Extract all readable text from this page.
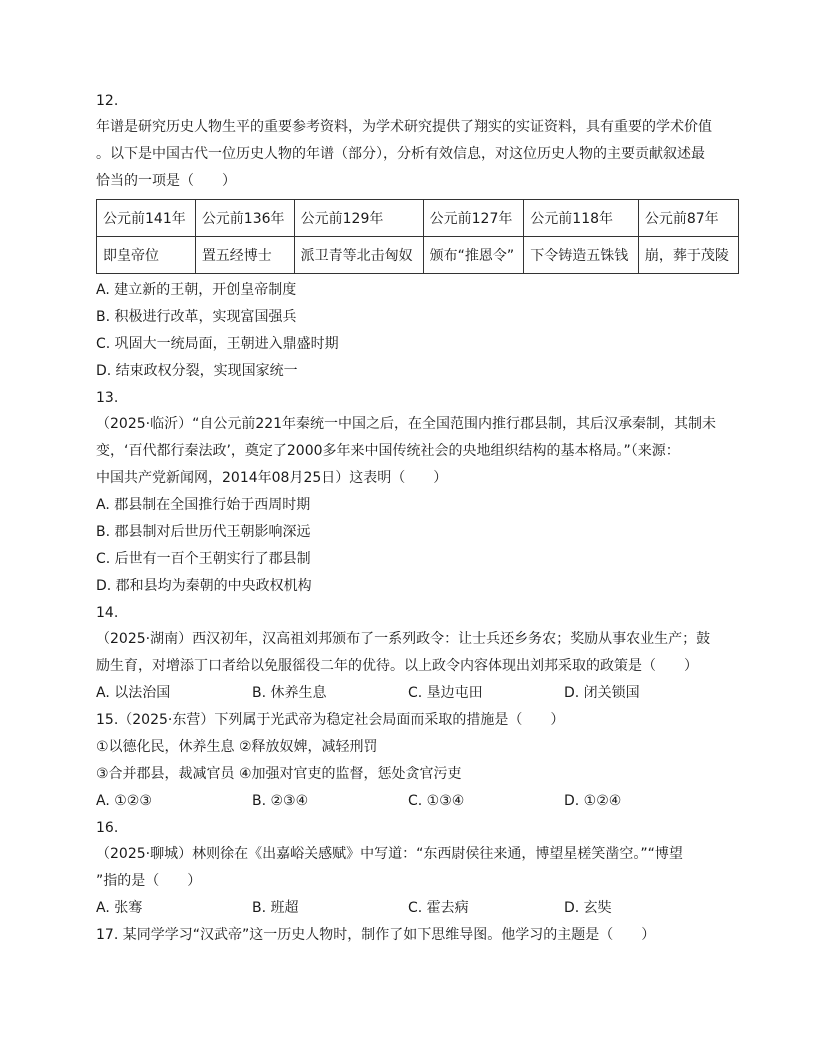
12.
年谱是研究历史人物生平的重要参考资料，为学术研究提供了翔实的实证资料，具有重要的学术价值
。以下是中国古代一位历史人物的年谱（部分），分析有效信息，对这位历史人物的主要贡献叙述最
恰当的一项是（　　）
公元前141年	公元前136年	公元前129年	公元前127年	公元前118年	公元前87年
即皇帝位	置五经博士	派卫青等北击匈奴	颁布“推恩令”	下令铸造五铢钱	崩，葬于茂陵
A. 建立新的王朝，开创皇帝制度
B. 积极进行改革，实现富国强兵
C. 巩固大一统局面，王朝进入鼎盛时期
D. 结束政权分裂，实现国家统一
13.
（2025·临沂）“自公元前221年秦统一中国之后，在全国范围内推行郡县制，其后汉承秦制，其制未
变，‘百代都行秦法政’，奠定了2000多年来中国传统社会的央地组织结构的基本格局。”（来源：
中国共产党新闻网，2014年08月25日）这表明（　　）
A. 郡县制在全国推行始于西周时期
B. 郡县制对后世历代王朝影响深远
C. 后世有一百个王朝实行了郡县制
D. 郡和县均为秦朝的中央政权机构
14.
（2025·湖南）西汉初年，汉高祖刘邦颁布了一系列政令：让士兵还乡务农；奖励从事农业生产；鼓
励生育，对增添丁口者给以免服徭役二年的优待。以上政令内容体现出刘邦采取的政策是（　　）
A. 以法治国	B. 休养生息	C. 垦边屯田	D. 闭关锁国
15.（2025·东营）下列属于光武帝为稳定社会局面而采取的措施是（　　）
①以德化民，休养生息 ②释放奴婢，减轻刑罚
③合并郡县，裁减官员 ④加强对官吏的监督，惩处贪官污吏
A. ①②③	B. ②③④	C. ①③④	D. ①②④
16.
（2025·聊城）林则徐在《出嘉峪关感赋》中写道：“东西尉侯往来通，博望星槎笑凿空。”“博望
”指的是（　　）
A. 张骞	B. 班超	C. 霍去病	D. 玄奘
17. 某同学学习“汉武帝”这一历史人物时，制作了如下思维导图。他学习的主题是（　　）
